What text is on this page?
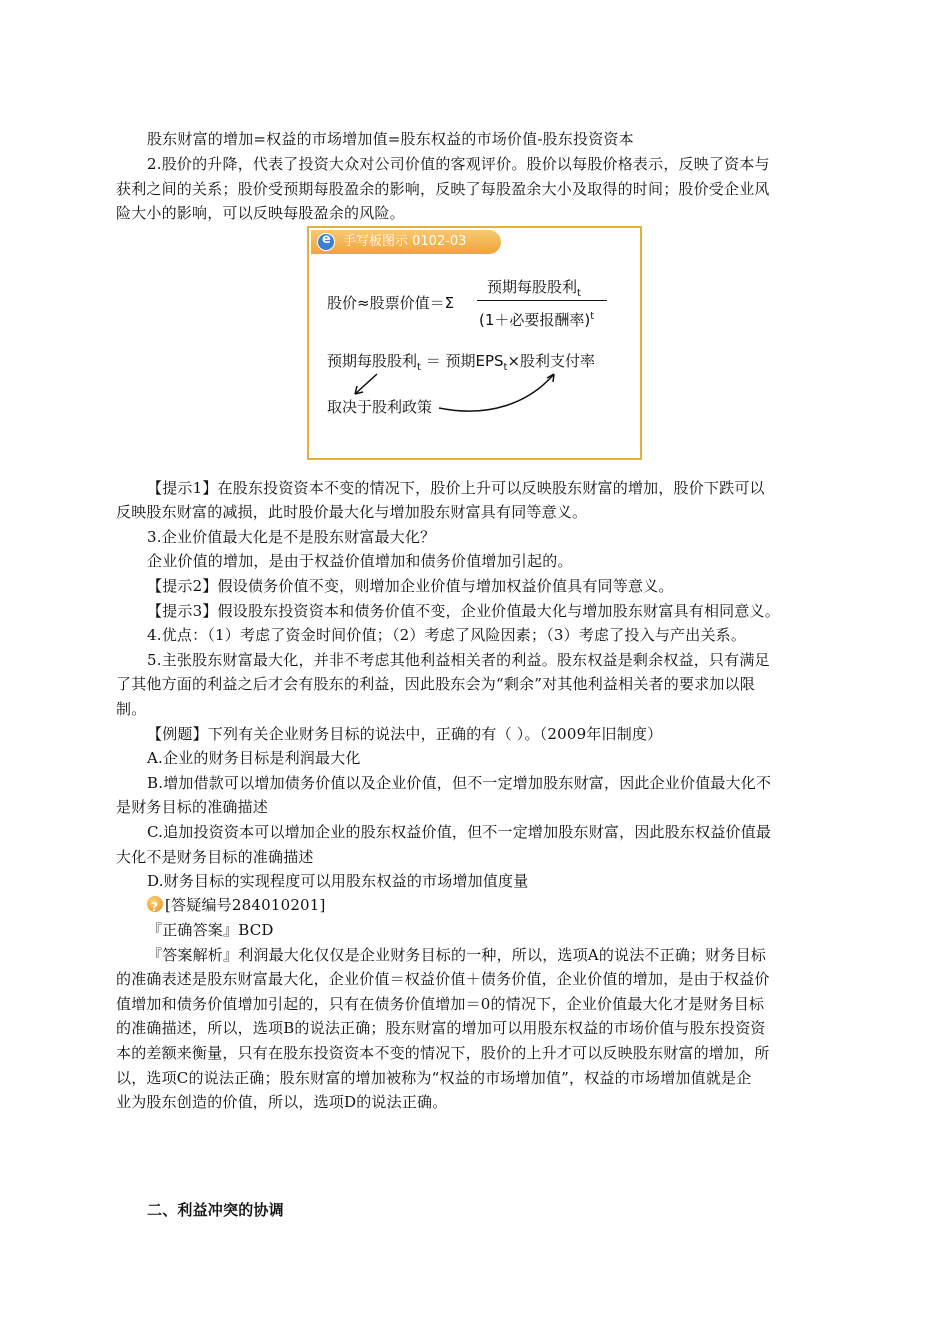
股东财富的增加=权益的市场增加值=股东权益的市场价值-股东投资资本
2.股价的升降，代表了投资大众对公司价值的客观评价。股价以每股价格表示，反映了资本与
获利之间的关系；股价受预期每股盈余的影响，反映了每股盈余大小及取得的时间；股价受企业风
险大小的影响，可以反映每股盈余的风险。
e
手写板图示 0102-03
股价≈股票价值＝Σ
预期每股股利$_t$
(1＋必要报酬率)$^t$
预期每股股利$_t$ ＝ 预期$EPS_t\times$股利支付率
取决于股利政策
【提示1】在股东投资资本不变的情况下，股价上升可以反映股东财富的增加，股价下跌可以
反映股东财富的减损，此时股价最大化与增加股东财富具有同等意义。
3.企业价值最大化是不是股东财富最大化？
企业价值的增加，是由于权益价值增加和债务价值增加引起的。
【提示2】假设债务价值不变，则增加企业价值与增加权益价值具有同等意义。
【提示3】假设股东投资资本和债务价值不变，企业价值最大化与增加股东财富具有相同意义。
4.优点：（1）考虑了资金时间价值；（2）考虑了风险因素；（3）考虑了投入与产出关系。
5.主张股东财富最大化，并非不考虑其他利益相关者的利益。股东权益是剩余权益，只有满足
了其他方面的利益之后才会有股东的利益，因此股东会为“剩余”对其他利益相关者的要求加以限
制。
【例题】下列有关企业财务目标的说法中，正确的有（ ）。（2009年旧制度）
A.企业的财务目标是利润最大化
B.增加借款可以增加债务价值以及企业价值，但不一定增加股东财富，因此企业价值最大化不
是财务目标的准确描述
C.追加投资资本可以增加企业的股东权益价值，但不一定增加股东财富，因此股东权益价值最
大化不是财务目标的准确描述
D.财务目标的实现程度可以用股东权益的市场增加值度量
?[答疑编号284010201]
『正确答案』BCD
『答案解析』利润最大化仅仅是企业财务目标的一种，所以，选项A的说法不正确；财务目标
的准确表述是股东财富最大化，企业价值＝权益价值＋债务价值，企业价值的增加，是由于权益价
值增加和债务价值增加引起的，只有在债务价值增加＝0的情况下，企业价值最大化才是财务目标
的准确描述，所以，选项B的说法正确；股东财富的增加可以用股东权益的市场价值与股东投资资
本的差额来衡量，只有在股东投资资本不变的情况下，股价的上升才可以反映股东财富的增加，所
以，选项C的说法正确；股东财富的增加被称为“权益的市场增加值”，权益的市场增加值就是企
业为股东创造的价值，所以，选项D的说法正确。
二、利益冲突的协调
